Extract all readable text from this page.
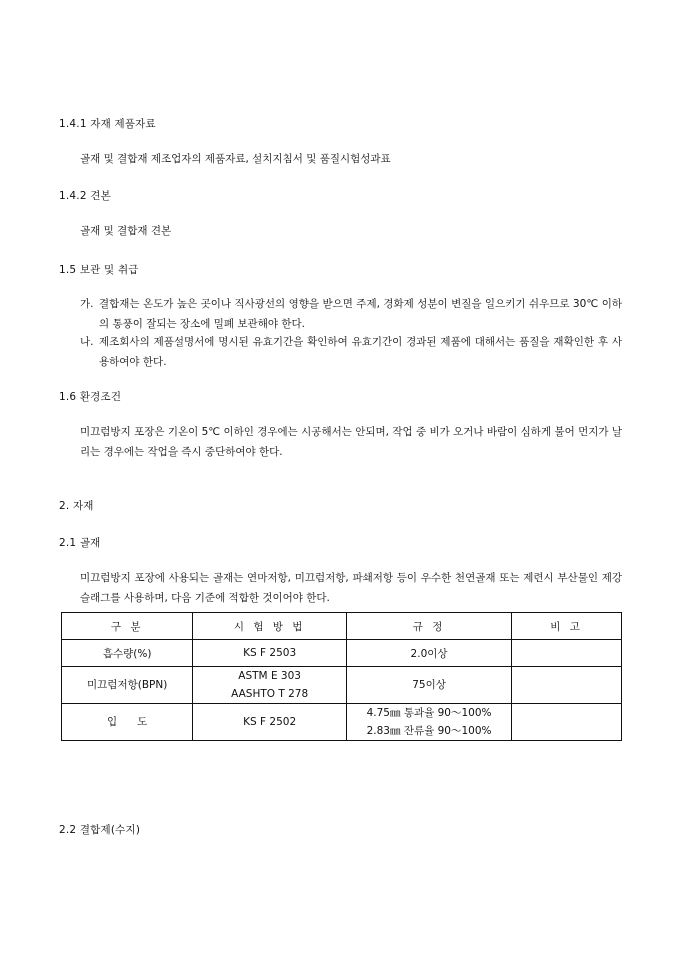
1.4.1 자재 제품자료
골재 및 결합재 제조업자의 제품자료, 설치지침서 및 품질시험성과표
1.4.2 견본
골재 및 결합재 견본
1.5 보관 및 취급
가. 결합재는 온도가 높은 곳이나 직사광선의 영향을 받으면 주제, 경화제 성분이 변질을 일으키기 쉬우므로 30℃ 이하의 통풍이 잘되는 장소에 밀폐 보관해야 한다.
나. 제조회사의 제품설명서에 명시된 유효기간을 확인하여 유효기간이 경과된 제품에 대해서는 품질을 재확인한 후 사용하여야 한다.
1.6 환경조건
미끄럼방지 포장은 기온이 5℃ 이하인 경우에는 시공해서는 안되며, 작업 중 비가 오거나 바람이 심하게 불어 먼지가 날리는 경우에는 작업을 즉시 중단하여야 한다.
2. 자재
2.1 골재
미끄럼방지 포장에 사용되는 골재는 연마저항, 미끄럼저항, 파쇄저항 등이 우수한 천연골재 또는 제련시 부산물인 제강슬래그를 사용하며, 다음 기준에 적합한 것이어야 한다.
구 분	시 험 방 법	규 정	비 고
흡수량(%)	KS F 2503	2.0이상	

미끄럼저항(BPN)	ASTM E 303
AASHTO T 278	75이상	

입      도	KS F 2502	4.75㎜ 통과율 90～100%
2.83㎜ 잔류율 90～100%	

2.2 결합제(수지)
